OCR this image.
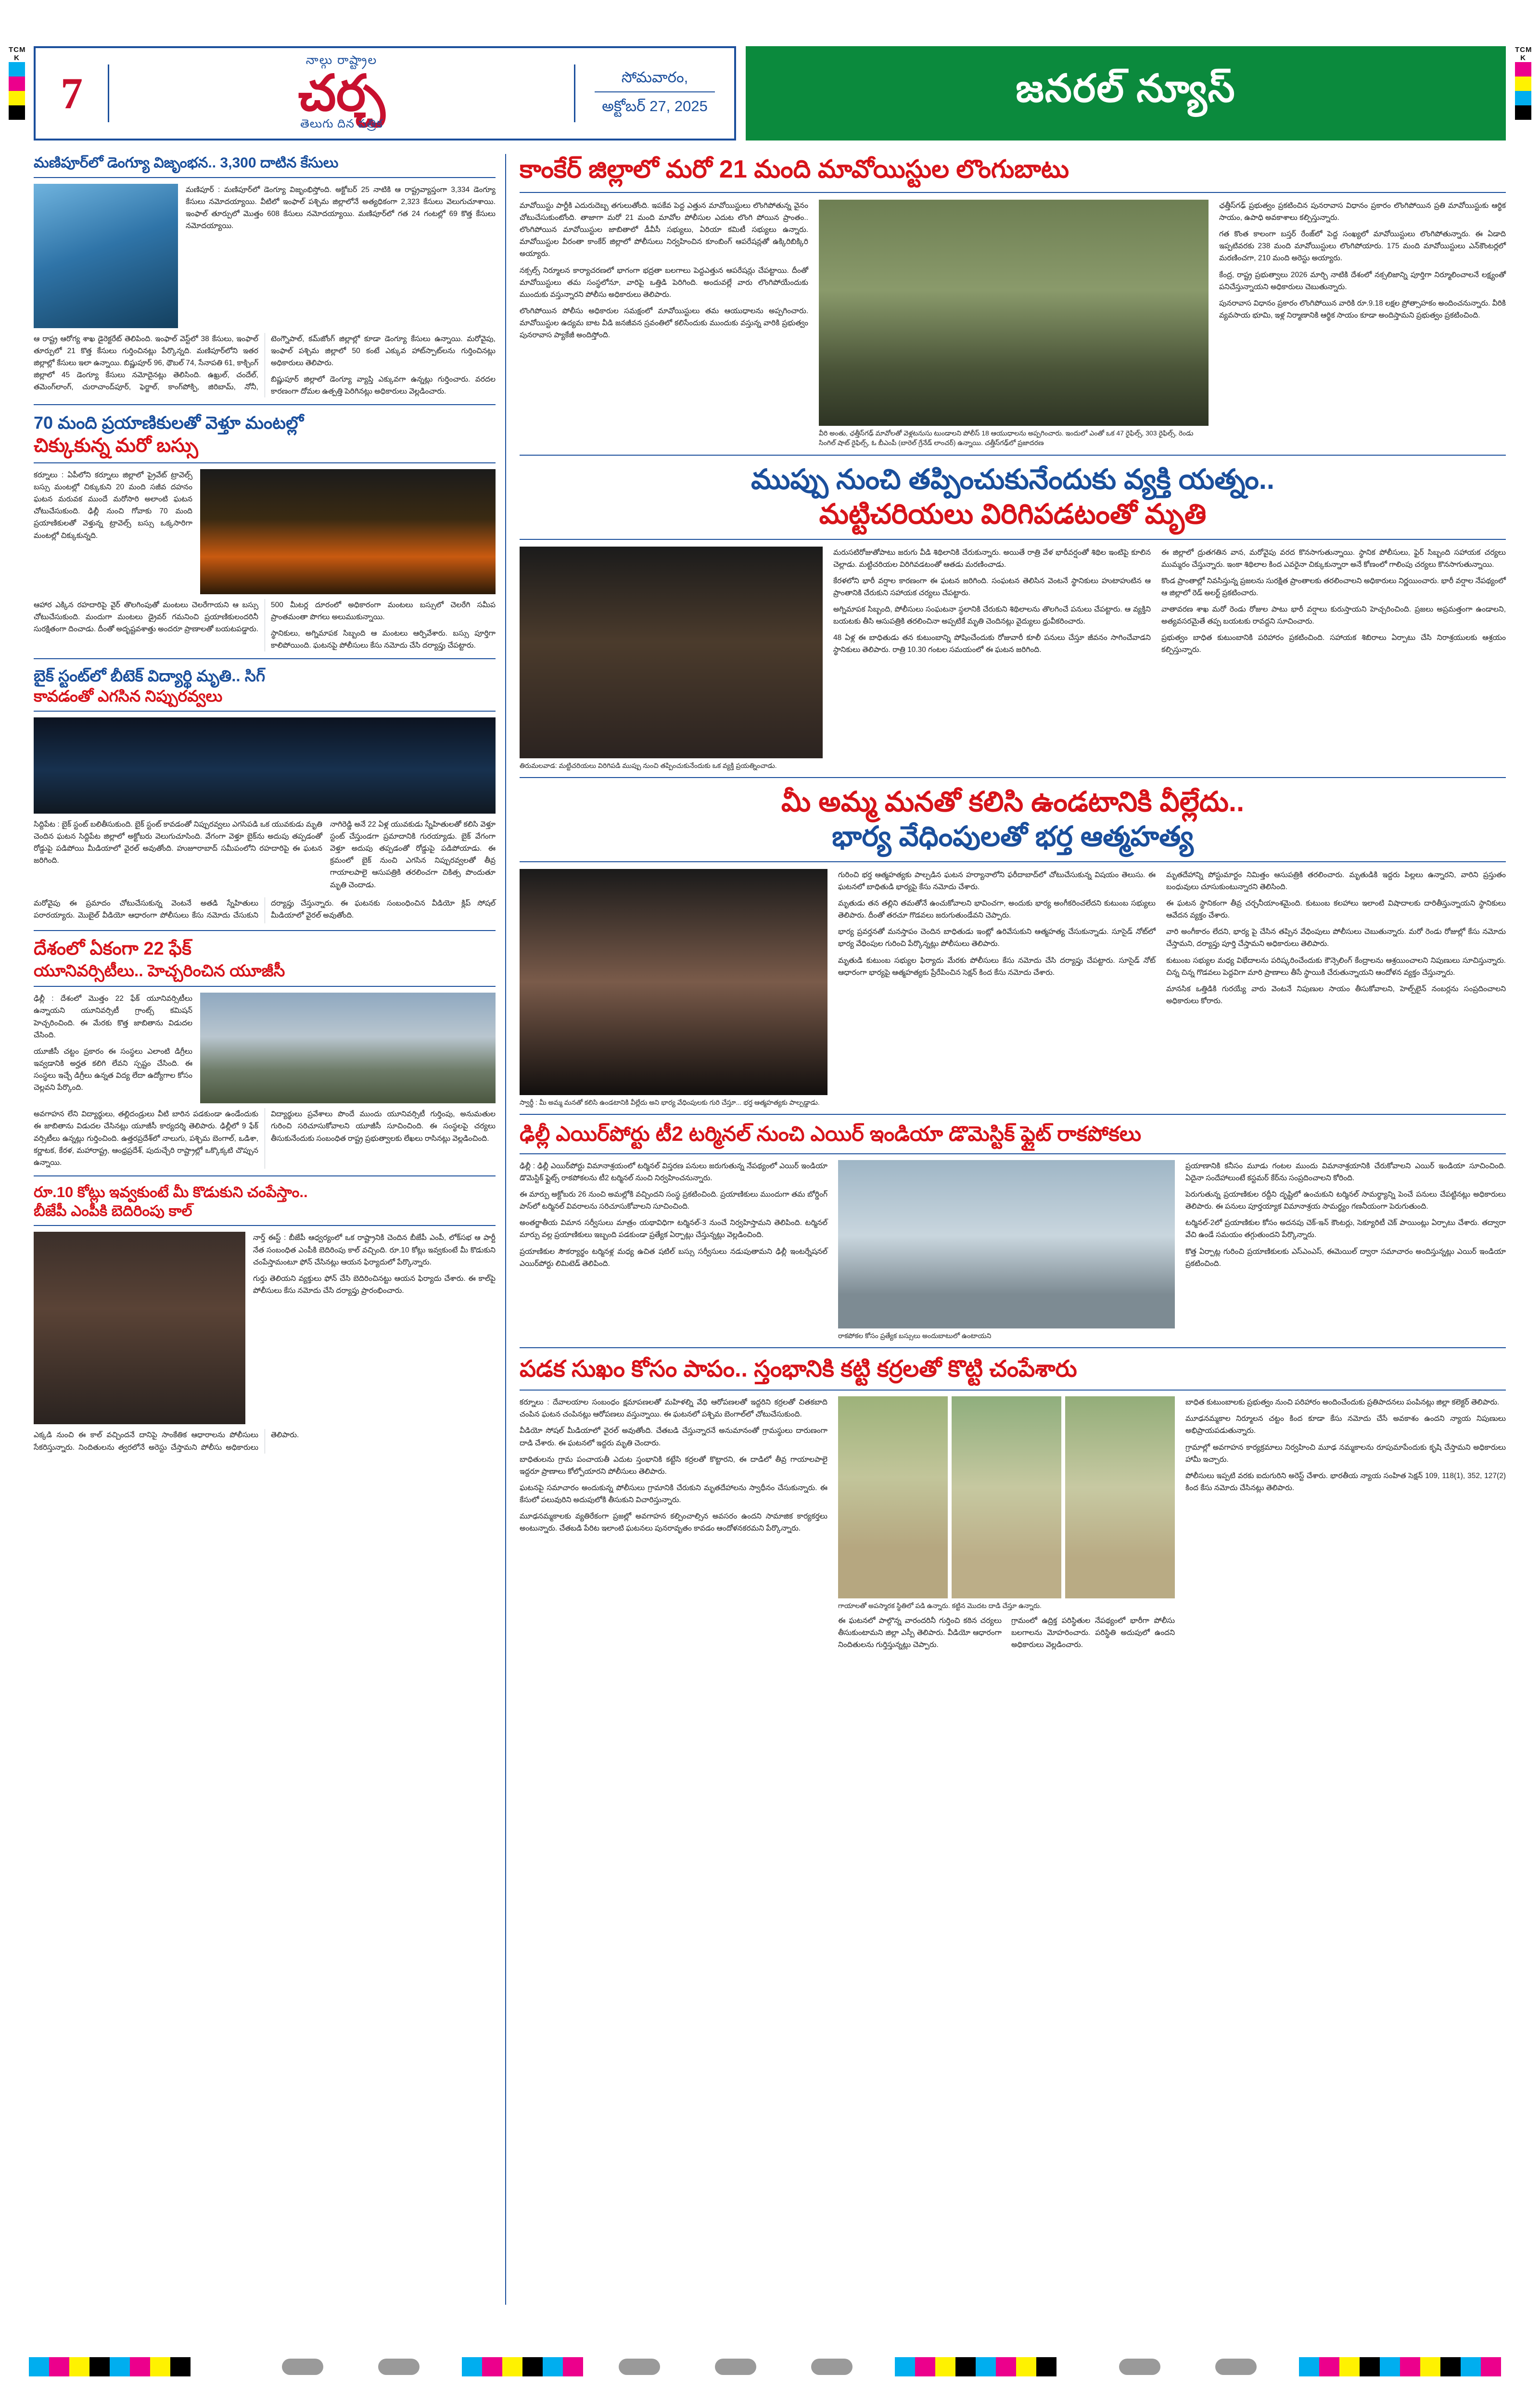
TCM K
TCM K
7
నాల్గు రాష్ట్రాల
చర్చ
తెలుగు దిన పత్రిక
సోమవారం,
అక్టోబర్ 27, 2025	జనరల్ న్యూస్
మణిపూర్‌లో డెంగ్యూ విజృంభన.. 3,300 దాటిన కేసులు

మణిపూర్ : మణిపూర్‌లో డెంగ్యూ విజృంభిస్తోంది. అక్టోబర్ 25 నాటికి ఆ రాష్ట్రవ్యాప్తంగా 3,334 డెంగ్యూ కేసులు నమోదయ్యాయి. వీటిలో ఇంఫాల్ పశ్చిమ జిల్లాలోనే అత్యధికంగా 2,323 కేసులు వెలుగుచూశాయి. ఇంఫాల్ తూర్పులో మొత్తం 608 కేసులు నమోదయ్యాయి. మణిపూర్‌లో గత 24 గంటల్లో 69 కొత్త కేసులు నమోదయ్యాయి.

ఆ రాష్ట్ర ఆరోగ్య శాఖ డైరెక్టరేట్ తెలిపింది. ఇంఫాల్ వెస్ట్‌లో 38 కేసులు, ఇంఫాల్ తూర్పులో 21 కొత్త కేసులు గుర్తించినట్లు పేర్కొన్నది. మణిపూర్‌లోని ఇతర జిల్లాల్లో కేసులు ఇలా ఉన్నాయి. బిష్ణుపూర్ 96, థౌబల్ 74, సేనాపతి 61, కాక్చింగ్ జిల్లాలో 45 డెంగ్యూ కేసులు నమోదైనట్లు తెలిసింది. ఉఖ్రుల్, చందేల్, తమెంగ్‌లాంగ్, చురాచాంద్‌పూర్, ఫెర్జాల్, కాంగ్‌పోక్పి, జిరిబామ్, నోనీ, టెంగ్నౌపాల్, కమ్‌జోంగ్ జిల్లాల్లో కూడా డెంగ్యూ కేసులు ఉన్నాయి. మరోవైపు, ఇంఫాల్ పశ్చిమ జిల్లాలో 50 కంటే ఎక్కువ హాట్‌స్పాట్‌లను గుర్తించినట్లు అధికారులు తెలిపారు.

బిష్ణుపూర్ జిల్లాలో డెంగ్యూ వ్యాప్తి ఎక్కువగా ఉన్నట్లు గుర్తించారు. వరదల కారణంగా దోమల ఉత్పత్తి పెరిగినట్లు అధికారులు వెల్లడించారు.

70 మంది ప్రయాణికులతో వెళ్తూ మంటల్లో
చిక్కుకున్న మరో బస్సు

కర్నూలు : ఏపీలోని కర్నూలు జిల్లాలో ప్రైవేట్ ట్రావెల్స్ బస్సు మంటల్లో చిక్కుకుని 20 మంది సజీవ దహనం ఘటన మరువక ముందే మరోసారి అలాంటి ఘటన చోటుచేసుకుంది. ఢిల్లీ నుంచి గోవాకు 70 మంది ప్రయాణికులతో వెళ్తున్న ట్రావెల్స్ బస్సు ఒక్కసారిగా మంటల్లో చిక్కుకున్నది.

ఆహార ఎక్కిన రహదారిపై వైర్ తొలగింపుతో మంటలు చెలరేగాయని ఆ బస్సు చోటుచేసుకుంది. మందుగా మంటలు డ్రైవర్ గమనించి ప్రయాణికులందరినీ సురక్షితంగా దించాడు. దీంతో అదృష్టవశాత్తు అందరూ ప్రాణాలతో బయటపడ్డారు. 500 మీటర్ల దూరంలో అధికారంగా మంటలు బస్సులో చెలరేగి సమీప ప్రాంతమంతా పొగలు అలుముకున్నాయి.

స్థానికులు, అగ్నిమాపక సిబ్బంది ఆ మంటలు ఆర్పివేశారు. బస్సు పూర్తిగా కాలిపోయింది. ఘటనపై పోలీసులు కేసు నమోదు చేసి దర్యాప్తు చేపట్టారు.

బైక్ స్టంట్‌లో బీటెక్ విద్యార్థి మృతి.. సిగ్
కావడంతో ఎగసిన నిప్పురవ్వలు

సిద్దిపేట : బైక్ స్టంట్ బలితీసుకుంది. బైక్ స్టంట్ కావడంతో నిప్పురవ్వలు ఎగసిపడి ఒక యువకుడు మృతి చెందిన ఘటన సిద్దిపేట జిల్లాలో అక్టోబరు వెలుగుచూసింది. వేగంగా వెళ్తూ బైక్‌ను అదుపు తప్పడంతో రోడ్డుపై పడిపోయి మీడియాలో వైరల్ అవుతోంది. హుజూరాబాద్ సమీపంలోని రహదారిపై ఈ ఘటన జరిగింది.

నాగిరెడ్డి అనే 22 ఏళ్ల యువకుడు స్నేహితులతో కలిసి వెళ్తూ స్టంట్ చేస్తుండగా ప్రమాదానికి గురయ్యాడు. బైక్ వేగంగా వెళ్తూ అదుపు తప్పడంతో రోడ్డుపై పడిపోయాడు. ఈ క్రమంలో బైక్ నుంచి ఎగసిన నిప్పురవ్వలతో తీవ్ర గాయాలపాలై ఆసుపత్రికి తరలించగా చికిత్స పొందుతూ మృతి చెందాడు.

మరోవైపు ఈ ప్రమాదం చోటుచేసుకున్న వెంటనే అతడి స్నేహితులు పరారయ్యారు. మొబైల్ వీడియో ఆధారంగా పోలీసులు కేసు నమోదు చేసుకుని దర్యాప్తు చేస్తున్నారు. ఈ ఘటనకు సంబంధించిన వీడియో క్లిప్ సోషల్ మీడియాలో వైరల్ అవుతోంది.

దేశంలో ఏకంగా 22 ఫేక్
యూనివర్సిటీలు.. హెచ్చరించిన యూజీసీ

ఢిల్లీ : దేశంలో మొత్తం 22 ఫేక్ యూనివర్సిటీలు ఉన్నాయని యూనివర్సిటీ గ్రాంట్స్ కమిషన్ హెచ్చరించింది. ఈ మేరకు కొత్త జాబితాను విడుదల చేసింది.

యూజీసీ చట్టం ప్రకారం ఈ సంస్థలు ఎలాంటి డిగ్రీలు ఇవ్వడానికి అర్హత కలిగి లేవని స్పష్టం చేసింది. ఈ సంస్థలు ఇచ్చే డిగ్రీలు ఉన్నత విద్య లేదా ఉద్యోగాల కోసం చెల్లవని పేర్కొంది.

అవగాహన లేని విద్యార్థులు, తల్లిదండ్రులు వీటి బారిన పడకుండా ఉండేందుకు ఈ జాబితాను విడుదల చేసినట్లు యూజీసీ కార్యదర్శి తెలిపారు. ఢిల్లీలో 9 ఫేక్ వర్సిటీలు ఉన్నట్లు గుర్తించింది. ఉత్తరప్రదేశ్‌లో నాలుగు, పశ్చిమ బెంగాల్, ఒడిశా, కర్ణాటక, కేరళ, మహారాష్ట్ర, ఆంధ్రప్రదేశ్, పుదుచ్చేరి రాష్ట్రాల్లో ఒక్కొక్కటి చొప్పున ఉన్నాయి.

విద్యార్థులు ప్రవేశాలు పొందే ముందు యూనివర్సిటీ గుర్తింపు, అనుమతుల గురించి సరిచూసుకోవాలని యూజీసీ సూచించింది. ఈ సంస్థలపై చర్యలు తీసుకునేందుకు సంబంధిత రాష్ట్ర ప్రభుత్వాలకు లేఖలు రాసినట్లు వెల్లడించింది.

రూ.10 కోట్లు ఇవ్వకుంటే మీ కొడుకుని చంపేస్తాం..
బీజేపీ ఎంపీకి బెదిరింపు కాల్

నార్త్ ఈస్ట్ : బీజేపీ ఆధ్వర్యంలో ఒక రాష్ట్రానికి చెందిన బీజేపీ ఎంపీ, లోక్‌సభ ఆ పార్టీ నేత సంబంధిత ఎంపీకి బెదిరింపు కాల్ వచ్చింది. రూ.10 కోట్లు ఇవ్వకుంటే మీ కొడుకుని చంపేస్తామంటూ ఫోన్ చేసినట్లు ఆయన ఫిర్యాదులో పేర్కొన్నారు.

గుర్తు తెలియని వ్యక్తులు ఫోన్ చేసి బెదిరించినట్టు ఆయన ఫిర్యాదు చేశారు. ఈ కాల్‌పై పోలీసులు కేసు నమోదు చేసి దర్యాప్తు ప్రారంభించారు.

ఎక్కడి నుంచి ఈ కాల్ వచ్చిందనే దానిపై సాంకేతిక ఆధారాలను పోలీసులు సేకరిస్తున్నారు. నిందితులను త్వరలోనే అరెస్టు చేస్తామని పోలీసు అధికారులు తెలిపారు.

కాంకేర్ జిల్లాలో మరో 21 మంది మావోయిస్టుల లొంగుబాటు

మావోయిస్టు పార్టీకి ఎదురుదెబ్బ తగులుతోంది. ఇపకేవ పెద్ద ఎత్తున మావోయిస్టులు లొంగిపోతున్న వైనం చోటుచేసుకుంటోంది. తాజాగా మరో 21 మంది మావోల పోలీసుల ఎదుట లొంగి పోయిన ప్రాంతం.. లొంగిపోయిన మావోయిస్టుల జాబితాలో డీవీసీ సభ్యులు, ఏరియా కమిటీ సభ్యులు ఉన్నారు. మావోయిస్టుల వీరంతా కాంకేర్ జిల్లాలో పోలీసులు నిర్వహించిన కూంబింగ్ ఆపరేషన్లతో ఉక్కిరిబిక్కిరి అయ్యారు.

నక్సల్స్ నిర్మూలన కార్యాచరణలో భాగంగా భద్రతా బలగాలు పెద్దఎత్తున ఆపరేషన్లు చేపట్టాయి. దీంతో మావోయిస్టులు తమ సంస్థలోనూ, వారిపై ఒత్తిడి పెరిగింది. అందువల్లే వారు లొంగిపోయేందుకు ముందుకు వస్తున్నారని పోలీసు అధికారులు తెలిపారు.

లొంగిపోయిన పోలీసు అధికారుల సమక్షంలో మావోయిస్టులు తమ ఆయుధాలను అప్పగించారు. మావోయిస్టుల ఉద్యమ బాట వీడి జనజీవన స్రవంతిలో కలిసేందుకు ముందుకు వస్తున్న వారికి ప్రభుత్వం పునరావాస ప్యాకేజీ అందిస్తోంది.

వీరి అంతు, ఛత్తీస్‌గఢ్ మావోలతో వెళ్లటనుసు టుండాలని పోలీస్ 18 ఆయుధాలను అప్పగించారు. ఇందులో ఎంతో ఒక 47 రైఫిల్స్, 303 రైఫిల్స్, రెండు సింగిల్ షాట్ రైఫిల్స్, ఓ బీఎంపీ (బారెల్ గ్రేనేడ్ లాంచర్) ఉన్నాయి. చత్తీస్‌గఢ్‌లో ప్రజాదరణ

ఛత్తీస్‌గఢ్ ప్రభుత్వం ప్రకటించిన పునరావాస విధానం ప్రకారం లొంగిపోయిన ప్రతి మావోయిస్టుకు ఆర్థిక సాయం, ఉపాధి అవకాశాలు కల్పిస్తున్నారు.

గత కొంత కాలంగా బస్తర్ రేంజ్‌లో పెద్ద సంఖ్యలో మావోయిస్టులు లొంగిపోతున్నారు. ఈ ఏడాది ఇప్పటివరకు 238 మంది మావోయిస్టులు లొంగిపోయారు. 175 మంది మావోయిస్టులు ఎన్‌కౌంటర్లలో మరణించగా, 210 మంది అరెస్టు అయ్యారు.

కేంద్ర, రాష్ట్ర ప్రభుత్వాలు 2026 మార్చి నాటికి దేశంలో నక్సలిజాన్ని పూర్తిగా నిర్మూలించాలనే లక్ష్యంతో పనిచేస్తున్నాయని అధికారులు చెబుతున్నారు.

పునరావాస విధానం ప్రకారం లొంగిపోయిన వారికి రూ.9.18 లక్షల ప్రోత్సాహకం అందించనున్నారు. వీరికి వ్యవసాయ భూమి, ఇళ్ల నిర్మాణానికి ఆర్థిక సాయం కూడా అందిస్తామని ప్రభుత్వం ప్రకటించింది.

ముప్పు నుంచి తప్పించుకునేందుకు వ్యక్తి యత్నం..
మట్టిచరియలు విరిగిపడటంతో మృతి
తిరుమలవాడ‌: మట్టిచరియలు విరిగిపడి ముప్పు నుంచి తప్పించుకునేందుకు ఒక వ్యక్తి ప్రయత్నించాడు.

మరుసటిరోజుతోపాటు జ‌రుగు వీడి శిథిలానికి చేరుకున్నారు. అయితే రాత్రి వేళ భారీవర్షంతో శిథిల ఇంటిపై కూలిన చెల్లాడు. మట్టిచరియల విరిగివడటంతో ఆతడు మరణించాడు.

కేరళలోని భారీ వర్షాల కారణంగా ఈ ఘటన జరిగింది. సంఘటన తెలిసిన వెంటనే స్థానికులు హుటాహుటిన ఆ ప్రాంతానికి చేరుకుని సహాయక చర్యలు చేపట్టారు.

అగ్నిమాపక సిబ్బంది, పోలీసులు సంఘటనా స్థలానికి చేరుకుని శిథిలాలను తొలగించే పనులు చేపట్టారు. ఆ వ్యక్తిని బయటకు తీసి ఆసుపత్రికి తరలించినా అప్పటికే మృతి చెందినట్లు వైద్యులు ధ్రువీకరించారు.

48 ఏళ్ల ఈ బాధితుడు తన కుటుంబాన్ని పోషించేందుకు రోజువారీ కూలీ పనులు చేస్తూ జీవనం సాగించేవాడని స్థానికులు తెలిపారు. రాత్రి 10.30 గంటల సమయంలో ఈ ఘటన జరిగింది.

ఈ జిల్లాలో ద్రుతగతిన వాన, మరోవైపు వరద కొనసాగుతున్నాయి. స్థానిక పోలీసులు, ఫైర్ సిబ్బంది సహాయక చర్యలు ముమ్మరం చేస్తున్నారు. ఇంకా శిథిలాల కింద ఎవరైనా చిక్కుకున్నారా అనే కోణంలో గాలింపు చర్యలు కొనసాగుతున్నాయి.

కొండ ప్రాంతాల్లో నివసిస్తున్న ప్రజలను సురక్షిత ప్రాంతాలకు తరలించాలని అధికారులు నిర్ణయించారు. భారీ వర్షాల నేపథ్యంలో ఆ జిల్లాలో రెడ్ అలర్ట్ ప్రకటించారు.

వాతావరణ శాఖ మరో రెండు రోజుల పాటు భారీ వర్షాలు కురుస్తాయని హెచ్చరించింది. ప్రజలు అప్రమత్తంగా ఉండాలని, అత్యవసరమైతే తప్ప బయటకు రావద్దని సూచించారు.

ప్రభుత్వం బాధిత కుటుంబానికి పరిహారం ప్రకటించింది. సహాయక శిబిరాలు ఏర్పాటు చేసి నిరాశ్రయులకు ఆశ్రయం కల్పిస్తున్నారు.

మీ అమ్మ మనతో కలిసి ఉండటానికి వీల్లేదు..
భార్య వేధింపులతో భర్త ఆత్మహత్య
స్వార్థీ : మీ అమ్మ మనతో కలిసి ఉండటానికి వీల్లేదు అని భార్య వేధింపులకు గురి చేస్తూ... భర్త ఆత్మహత్యకు పాల్పడ్డాడు.

గురించి భర్త ఆత్మహత్యకు పాల్పడిన ఘటన హర్యానాలోని ఫరీదాబాద్‌లో చోటుచేసుకున్న విషయం తెలుసు. ఈ ఘటనలో బాధితుడి భార్యపై కేసు నమోదు చేశారు.

మృతుడు తన తల్లిని తమతోనే ఉంచుకోవాలని భావించగా, అందుకు భార్య అంగీకరించలేదని కుటుంబ సభ్యులు తెలిపారు. దీంతో తరచూ గొడవలు జరుగుతుండేవని చెప్పారు.

భార్య ప్రవర్తనతో మనస్తాపం చెందిన బాధితుడు ఇంట్లో ఉరివేసుకుని ఆత్మహత్య చేసుకున్నాడు. సూసైడ్ నోట్‌లో భార్య వేధింపుల గురించి పేర్కొన్నట్లు పోలీసులు తెలిపారు.

మృతుడి కుటుంబ సభ్యుల ఫిర్యాదు మేరకు పోలీసులు కేసు నమోదు చేసి దర్యాప్తు చేపట్టారు. సూసైడ్ నోట్ ఆధారంగా భార్యపై ఆత్మహత్యకు ప్రేరేపించిన సెక్షన్ కింద కేసు నమోదు చేశారు.

మృతదేహాన్ని పోస్టుమార్టం నిమిత్తం ఆసుపత్రికి తరలించారు. మృతుడికి ఇద్దరు పిల్లలు ఉన్నారని, వారిని ప్రస్తుతం బంధువులు చూసుకుంటున్నారని తెలిసింది.

ఈ ఘటన స్థానికంగా తీవ్ర చర్చనీయాంశమైంది. కుటుంబ కలహాలు ఇలాంటి విషాదాలకు దారితీస్తున్నాయని స్థానికులు ఆవేదన వ్యక్తం చేశారు.

వారి అంగీకారం లేదని, భార్య పై చేసిన తప్పిన వేధింపులు పోలీసులు చెబుతున్నారు. మరో రెండు రోజుల్లో కేసు నమోదు చేస్తామని, దర్యాప్తు పూర్తి చేస్తామని అధికారులు తెలిపారు.

కుటుంబ సభ్యుల మధ్య విభేదాలను పరిష్కరించేందుకు కౌన్సెలింగ్ కేంద్రాలను ఆశ్రయించాలని నిపుణులు సూచిస్తున్నారు. చిన్న చిన్న గొడవలు పెద్దవిగా మారి ప్రాణాలు తీసే స్థాయికి చేరుతున్నాయని ఆందోళన వ్యక్తం చేస్తున్నారు.

మానసిక ఒత్తిడికి గురయ్యే వారు వెంటనే నిపుణుల సాయం తీసుకోవాలని, హెల్ప్‌లైన్ నంబర్లను సంప్రదించాలని అధికారులు కోరారు.

ఢిల్లీ ఎయిర్‌పోర్టు టీ2 టర్మినల్ నుంచి ఎయిర్ ఇండియా డొమెస్టిక్ ఫ్లైట్ రాకపోకలు

ఢిల్లీ : ఢిల్లీ ఎయిర్‌పోర్టు విమానాశ్రయంలో టర్మినల్ విస్తరణ పనులు జరుగుతున్న నేపథ్యంలో ఎయిర్ ఇండియా డొమెస్టిక్ ఫ్లైట్స్ రాకపోకలను టీ2 టర్మినల్ నుంచి నిర్వహించనున్నారు.

ఈ మార్పు అక్టోబరు 26 నుంచి అమల్లోకి వచ్చిందని సంస్థ ప్రకటించింది. ప్రయాణికులు ముందుగా తమ బోర్డింగ్ పాస్‌లో టర్మినల్ వివరాలను సరిచూసుకోవాలని సూచించింది.

అంతర్జాతీయ విమాన సర్వీసులు మాత్రం యథావిధిగా టర్మినల్-3 నుంచే నిర్వహిస్తామని తెలిపింది. టర్మినల్ మార్పు వల్ల ప్రయాణికులు ఇబ్బంది పడకుండా ప్రత్యేక ఏర్పాట్లు చేస్తున్నట్లు వెల్లడించింది.

ప్రయాణికుల సౌకర్యార్థం టర్మినళ్ల మధ్య ఉచిత షటిల్ బస్సు సర్వీసులు నడుపుతామని ఢిల్లీ ఇంటర్నేషనల్ ఎయిర్‌పోర్టు లిమిటెడ్ తెలిపింది.

రాకపోకల కోసం ప్రత్యేక బస్సులు అందుబాటులో ఉంటాయని

ప్రయాణానికి కనీసం మూడు గంటల ముందు విమానాశ్రయానికి చేరుకోవాలని ఎయిర్ ఇండియా సూచించింది. ఏదైనా సందేహాలుంటే కస్టమర్ కేర్‌ను సంప్రదించాలని కోరింది.

పెరుగుతున్న ప్రయాణికుల రద్దీని దృష్టిలో ఉంచుకుని టర్మినల్ సామర్థ్యాన్ని పెంచే పనులు చేపట్టినట్లు అధికారులు తెలిపారు. ఈ పనులు పూర్తయ్యాక విమానాశ్రయ సామర్థ్యం గణనీయంగా పెరుగుతుంది.

టర్మినల్-2లో ప్రయాణికుల కోసం అదనపు చెక్-ఇన్ కౌంటర్లు, సెక్యూరిటీ చెక్ పాయింట్లు ఏర్పాటు చేశారు. తద్వారా వేచి ఉండే సమయం తగ్గుతుందని పేర్కొన్నారు.

కొత్త ఏర్పాట్ల గురించి ప్రయాణికులకు ఎస్ఎంఎస్, ఈమెయిల్ ద్వారా సమాచారం అందిస్తున్నట్లు ఎయిర్ ఇండియా ప్రకటించింది.

పడక సుఖం కోసం పాపం.. స్తంభానికి కట్టి కర్రలతో కొట్టి చంపేశారు

కర్నూలు : దేవాలయాల సంబంధం క్షమాపణలతో మహిళల్ని వేధి ఆరోపణలతో ఇద్దరిని కర్రలతో చితకబాది చంపిన ఘటన చంపినట్లు ఆరోపణలు వస్తున్నాయి. ఈ ఘటనలో పశ్చిమ బెంగాల్‌లో చోటుచేసుకుంది.

వీడియో సోషల్ మీడియాలో వైరల్ అవుతోంది. చేతబడి చేస్తున్నారనే అనుమానంతో గ్రామస్థులు దారుణంగా దాడి చేశారు. ఈ ఘటనలో ఇద్దరు మృతి చెందారు.

బాధితులను గ్రామ పంచాయతీ ఎదుట స్తంభానికి కట్టేసి కర్రలతో కొట్టారని, ఈ దాడిలో తీవ్ర గాయాలపాలై ఇద్దరూ ప్రాణాలు కోల్పోయారని పోలీసులు తెలిపారు.

ఘటనపై సమాచారం అందుకున్న పోలీసులు గ్రామానికి చేరుకుని మృతదేహాలను స్వాధీనం చేసుకున్నారు. ఈ కేసులో పలువురిని అదుపులోకి తీసుకుని విచారిస్తున్నారు.

మూఢనమ్మకాలకు వ్యతిరేకంగా ప్రజల్లో అవగాహన కల్పించాల్సిన అవసరం ఉందని సామాజిక కార్యకర్తలు అంటున్నారు. చేతబడి పేరిట ఇలాంటి ఘటనలు పునరావృతం కావడం ఆందోళనకరమని పేర్కొన్నారు.

గాయాలతో అపస్మారక స్థితిలో పడి ఉన్నారు. కట్టిన మొదట దాడి చేస్తూ ఉన్నారు.

ఈ ఘటనలో పాల్గొన్న వారందరినీ గుర్తించి కఠిన చర్యలు తీసుకుంటామని జిల్లా ఎస్పీ తెలిపారు. వీడియో ఆధారంగా నిందితులను గుర్తిస్తున్నట్లు చెప్పారు.

గ్రామంలో ఉద్రిక్త పరిస్థితుల నేపథ్యంలో భారీగా పోలీసు బలగాలను మోహరించారు. పరిస్థితి అదుపులో ఉందని అధికారులు వెల్లడించారు.

బాధిత కుటుంబాలకు ప్రభుత్వం నుంచి పరిహారం అందించేందుకు ప్రతిపాదనలు పంపినట్లు జిల్లా కలెక్టర్ తెలిపారు.

మూఢనమ్మకాల నిర్మూలన చట్టం కింద కూడా కేసు నమోదు చేసే అవకాశం ఉందని న్యాయ నిపుణులు అభిప్రాయపడుతున్నారు.

గ్రామాల్లో అవగాహన కార్యక్రమాలు నిర్వహించి మూఢ నమ్మకాలను రూపుమాపేందుకు కృషి చేస్తామని అధికారులు హామీ ఇచ్చారు.

పోలీసులు ఇప్పటి వరకు ఐదుగురిని అరెస్ట్ చేశారు. భారతీయ న్యాయ సంహిత సెక్షన్ 109, 118(1), 352, 127(2) కింద కేసు నమోదు చేసినట్లు తెలిపారు.
